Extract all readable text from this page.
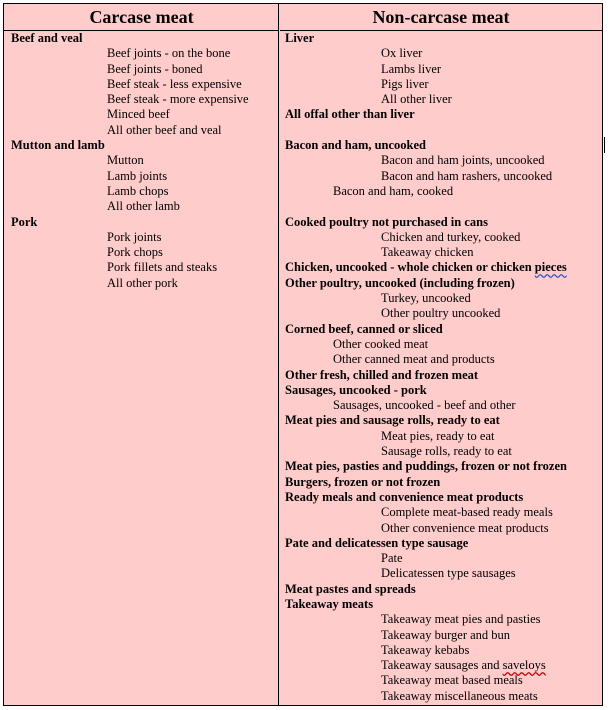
Carcase meat	Non-carcase meat
Beef and veal
Beef joints - on the bone
Beef joints - boned
Beef steak - less expensive
Beef steak - more expensive
Minced beef
All other beef and veal
Mutton and lamb
Mutton
Lamb joints
Lamb chops
All other lamb
Pork
Pork joints
Pork chops
Pork fillets and steaks
All other pork
Liver
Ox liver
Lambs liver
Pigs liver
All other liver
All offal other than liver
Bacon and ham, uncooked
Bacon and ham joints, uncooked
Bacon and ham rashers, uncooked
Bacon and ham, cooked
Cooked poultry not purchased in cans
Chicken and turkey, cooked
Takeaway chicken
Chicken, uncooked - whole chicken or chicken pieces
Other poultry, uncooked (including frozen)
Turkey, uncooked
Other poultry uncooked
Corned beef, canned or sliced
Other cooked meat
Other canned meat and products
Other fresh, chilled and frozen meat
Sausages, uncooked - pork
Sausages, uncooked - beef and other
Meat pies and sausage rolls, ready to eat
Meat pies, ready to eat
Sausage rolls, ready to eat
Meat pies, pasties and puddings, frozen or not frozen
Burgers, frozen or not frozen
Ready meals and convenience meat products
Complete meat-based ready meals
Other convenience meat products
Pate and delicatessen type sausage
Pate
Delicatessen type sausages
Meat pastes and spreads
Takeaway meats
Takeaway meat pies and pasties
Takeaway burger and bun
Takeaway kebabs
Takeaway sausages and saveloys
Takeaway meat based meals
Takeaway miscellaneous meats
